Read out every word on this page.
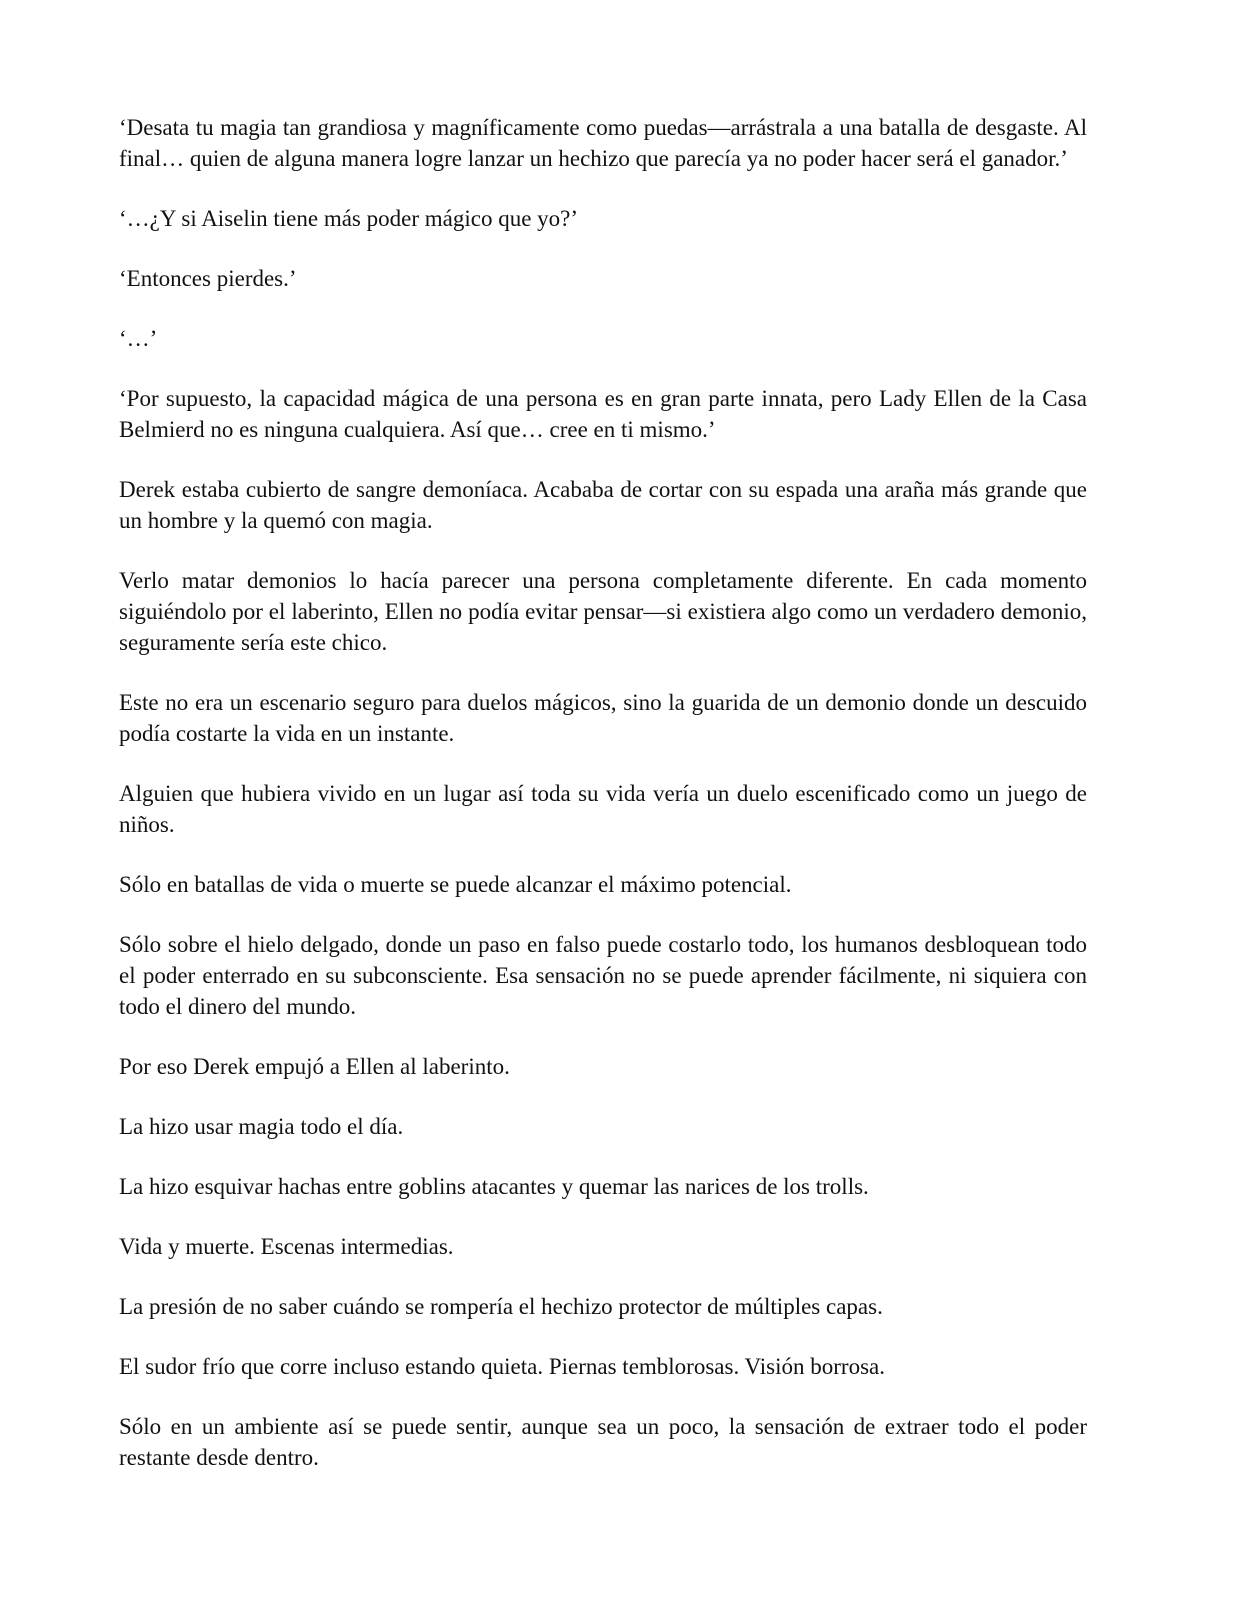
‘Desata tu magia tan grandiosa y magníficamente como puedas—arrástrala a una batalla de desgaste. Al final… quien de alguna manera logre lanzar un hechizo que parecía ya no poder hacer será el ganador.’

‘…¿Y si Aiselin tiene más poder mágico que yo?’

‘Entonces pierdes.’

‘…’

‘Por supuesto, la capacidad mágica de una persona es en gran parte innata, pero Lady Ellen de la Casa Belmierd no es ninguna cualquiera. Así que… cree en ti mismo.’

Derek estaba cubierto de sangre demoníaca. Acababa de cortar con su espada una araña más grande que un hombre y la quemó con magia.

Verlo matar demonios lo hacía parecer una persona completamente diferente. En cada momento siguiéndolo por el laberinto, Ellen no podía evitar pensar—si existiera algo como un verdadero demonio, seguramente sería este chico.

Este no era un escenario seguro para duelos mágicos, sino la guarida de un demonio donde un descuido podía costarte la vida en un instante.

Alguien que hubiera vivido en un lugar así toda su vida vería un duelo escenificado como un juego de niños.

Sólo en batallas de vida o muerte se puede alcanzar el máximo potencial.

Sólo sobre el hielo delgado, donde un paso en falso puede costarlo todo, los humanos desbloquean todo el poder enterrado en su subconsciente. Esa sensación no se puede aprender fácilmente, ni siquiera con todo el dinero del mundo.

Por eso Derek empujó a Ellen al laberinto.

La hizo usar magia todo el día.

La hizo esquivar hachas entre goblins atacantes y quemar las narices de los trolls.

Vida y muerte. Escenas intermedias.

La presión de no saber cuándo se rompería el hechizo protector de múltiples capas.

El sudor frío que corre incluso estando quieta. Piernas temblorosas. Visión borrosa.

Sólo en un ambiente así se puede sentir, aunque sea un poco, la sensación de extraer todo el poder restante desde dentro.
